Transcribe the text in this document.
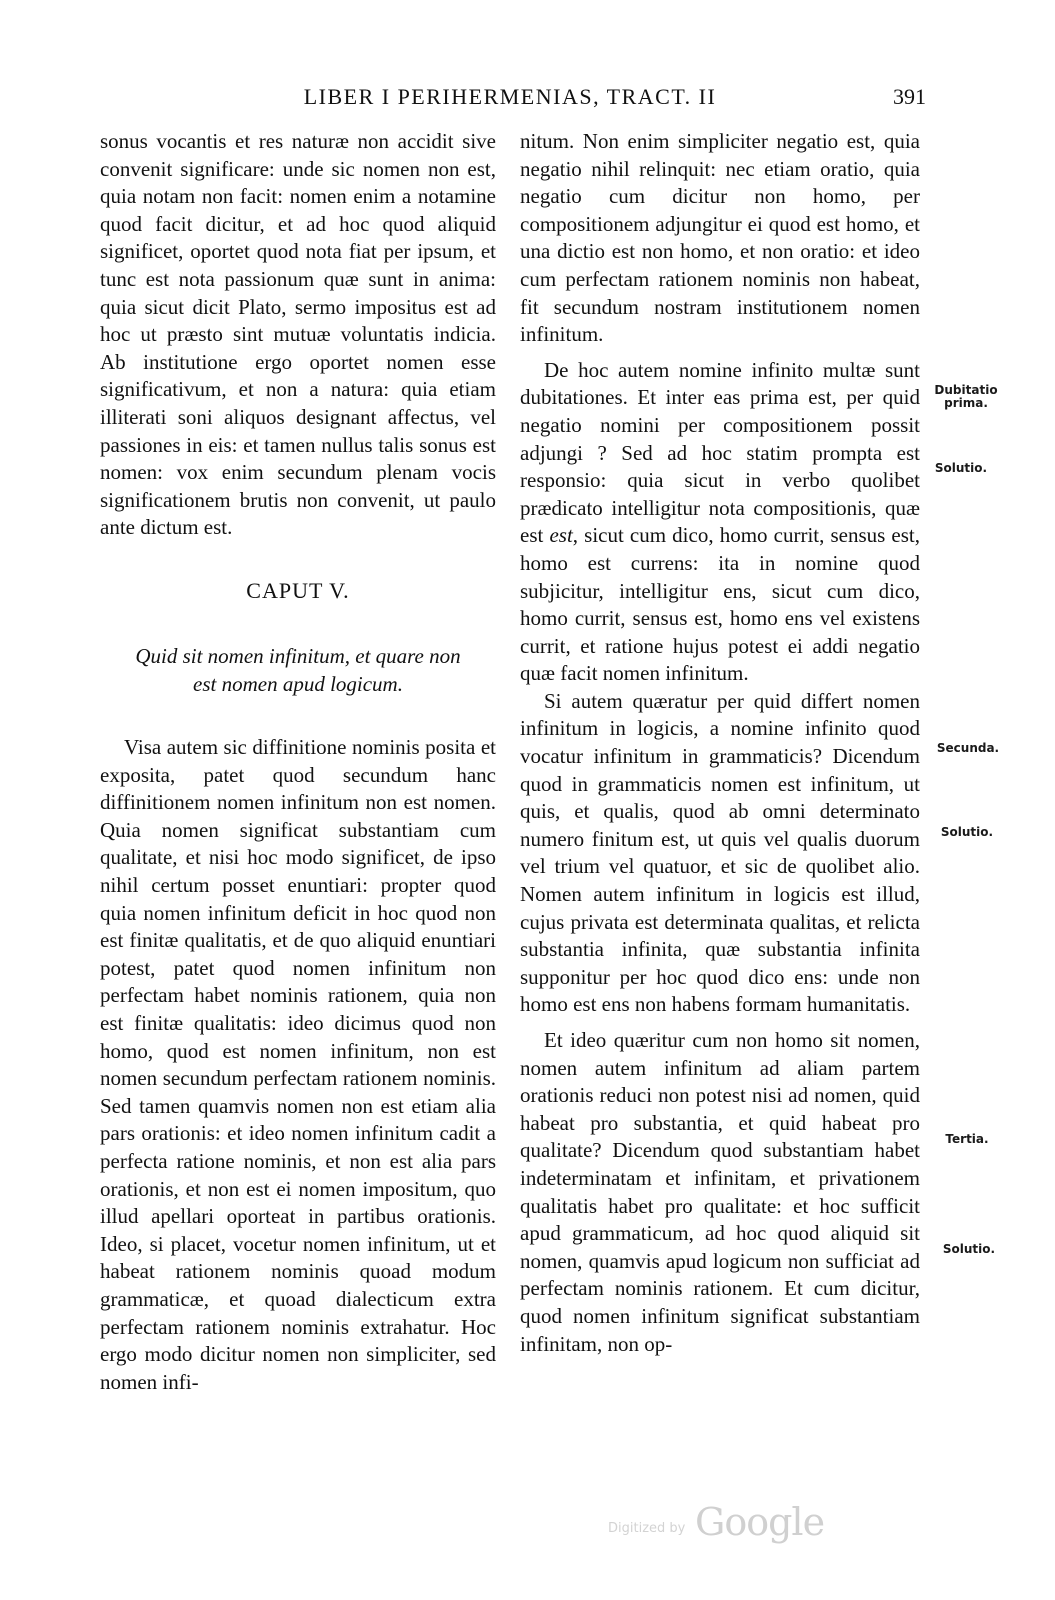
LIBER I PERIHERMENIAS, TRACT. II	391

sonus vocantis et res naturæ non accidit sive convenit significare: unde sic nomen non est, quia notam non facit: nomen enim a notamine quod facit dicitur, et ad hoc quod aliquid significet, oportet quod nota fiat per ipsum, et tunc est nota passionum quæ sunt in anima: quia sicut dicit Plato, sermo impositus est ad hoc ut præsto sint mutuæ voluntatis indicia. Ab institutione ergo oportet nomen esse significativum, et non a natura: quia etiam illiterati soni aliquos designant affectus, vel passiones in eis: et tamen nullus talis sonus est nomen: vox enim secundum plenam vocis significationem brutis non convenit, ut paulo ante dictum est.

CAPUT V.
Quid sit nomen infinitum, et quare non
est nomen apud logicum.

Visa autem sic diffinitione nominis posita et exposita, patet quod secundum hanc diffinitionem nomen infinitum non est nomen. Quia nomen significat substantiam cum qualitate, et nisi hoc modo significet, de ipso nihil certum posset enuntiari: propter quod quia nomen infinitum deficit in hoc quod non est finitæ qualitatis, et de quo aliquid enuntiari potest, patet quod nomen infinitum non perfectam habet nominis rationem, quia non est finitæ qualitatis: ideo dicimus quod non homo, quod est nomen infinitum, non est nomen secundum perfectam rationem nominis. Sed tamen quamvis nomen non est etiam alia pars orationis: et ideo nomen infinitum cadit a perfecta ratione nominis, et non est alia pars orationis, et non est ei nomen impositum, quo illud apellari oporteat in partibus orationis. Ideo, si placet, vocetur nomen infinitum, ut et habeat rationem nominis quoad modum grammaticæ, et quoad dialecticum extra perfectam rationem nominis extrahatur. Hoc ergo modo dicitur nomen non simpliciter, sed nomen infi-

nitum. Non enim simpliciter negatio est, quia negatio nihil relinquit: nec etiam oratio, quia negatio cum dicitur non homo, per compositionem adjungitur ei quod est homo, et una dictio est non homo, et non oratio: et ideo cum perfectam rationem nominis non habeat, fit secundum nostram institutionem nomen infinitum.

De hoc autem nomine infinito multæ sunt dubitationes. Et inter eas prima est, per quid negatio nomini per compositionem possit adjungi ? Sed ad hoc statim prompta est responsio: quia sicut in verbo quolibet prædicato intelligitur nota compositionis, quæ est est, sicut cum dico, homo currit, sensus est, homo est currens: ita in nomine quod subjicitur, intelligitur ens, sicut cum dico, homo currit, sensus est, homo ens vel existens currit, et ratione hujus potest ei addi negatio quæ facit nomen infinitum.

Si autem quæratur per quid differt nomen infinitum in logicis, a nomine infinito quod vocatur infinitum in grammaticis? Dicendum quod in grammaticis nomen est infinitum, ut quis, et qualis, quod ab omni determinato numero finitum est, ut quis vel qualis duorum vel trium vel quatuor, et sic de quolibet alio. Nomen autem infinitum in logicis est illud, cujus privata est determinata qualitas, et relicta substantia infinita, quæ substantia infinita supponitur per hoc quod dico ens: unde non homo est ens non habens formam humanitatis.

Et ideo quæritur cum non homo sit nomen, nomen autem infinitum ad aliam partem orationis reduci non potest nisi ad nomen, quid habeat pro substantia, et quid habeat pro qualitate? Dicendum quod substantiam habet indeterminatam et infinitam, et privationem qualitatis habet pro qualitate: et hoc sufficit apud grammaticum, ad hoc quod aliquid sit nomen, quamvis apud logicum non sufficiat ad perfectam nominis rationem. Et cum dicitur, quod nomen infinitum significat substantiam infinitam, non op-

Dubitatio
prima.
Solutio.
Secunda.
Solutio.
Tertia.
Solutio.
Digitized by Google
